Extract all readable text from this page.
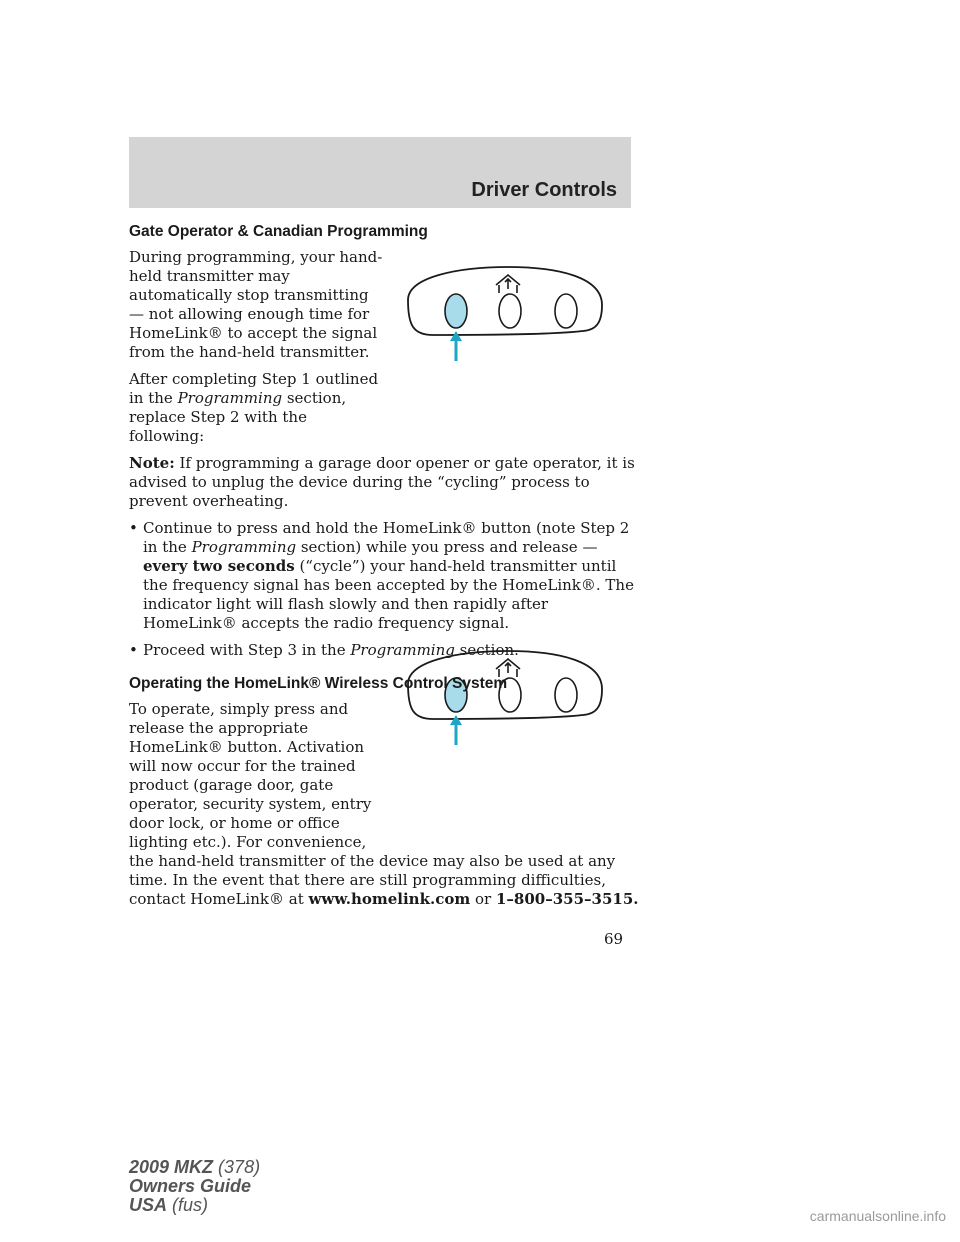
Driver Controls
Gate Operator & Canadian Programming

During programming, your hand-held transmitter may automatically stop transmitting — not allowing enough time for HomeLink® to accept the signal from the hand-held transmitter.

After completing Step 1 outlined in the Programming section, replace Step 2 with the following:

Note: If programming a garage door opener or gate operator, it is advised to unplug the device during the “cycling” process to prevent overheating.

• Continue to press and hold the HomeLink® button (note Step 2 in the Programming section) while you press and release — every two seconds (“cycle”) your hand-held transmitter until the frequency signal has been accepted by the HomeLink®. The indicator light will flash slowly and then rapidly after HomeLink® accepts the radio frequency signal.
• Proceed with Step 3 in the Programming section.
Operating the HomeLink® Wireless Control System

To operate, simply press and release the appropriate HomeLink® button. Activation will now occur for the trained product (garage door, gate operator, security system, entry door lock, or home or office lighting etc.). For convenience, the hand-held transmitter of the device may also be used at any time. In the event that there are still programming difficulties, contact HomeLink® at www.homelink.com or 1–800–355–3515.

69
2009 MKZ (378)
Owners Guide
USA (fus)
carmanualsonline.info
